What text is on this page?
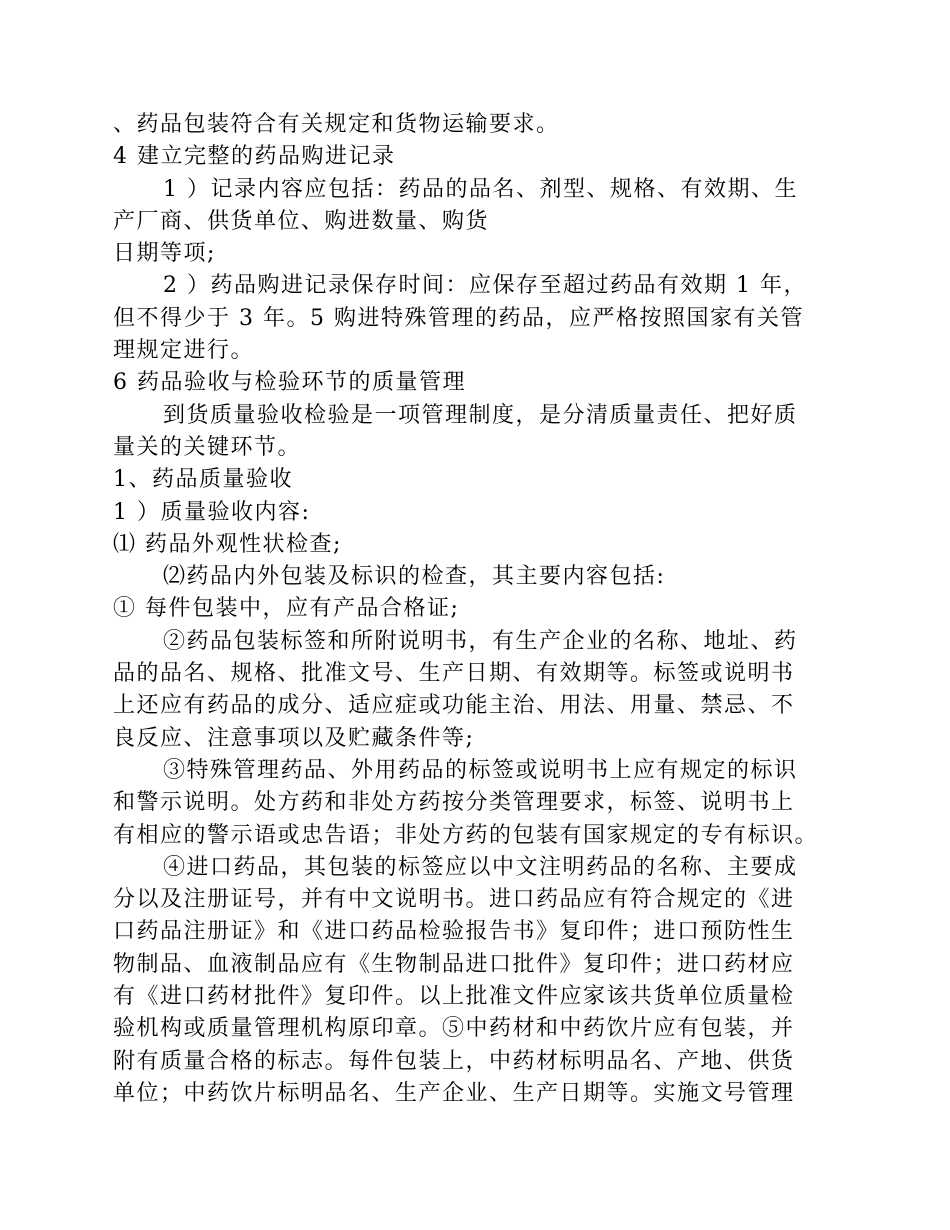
、药品包装符合有关规定和货物运输要求。
4 建立完整的药品购进记录
1 ）记录内容应包括：药品的品名、剂型、规格、有效期、生
产厂商、供货单位、购进数量、购货
日期等项;
2 ）药品购进记录保存时间：应保存至超过药品有效期 1 年，
但不得少于 3 年。5 购进特殊管理的药品，应严格按照国家有关管
理规定进行。
6 药品验收与检验环节的质量管理
到货质量验收检验是一项管理制度，是分清质量责任、把好质
量关的关键环节。
1、药品质量验收
1 ）质量验收内容:
⑴ 药品外观性状检查;
⑵药品内外包装及标识的检查，其主要内容包括:
① 每件包装中，应有产品合格证;
②药品包装标签和所附说明书，有生产企业的名称、地址、药
品的品名、规格、批准文号、生产日期、有效期等。标签或说明书
上还应有药品的成分、适应症或功能主治、用法、用量、禁忌、不
良反应、注意事项以及贮藏条件等;
③特殊管理药品、外用药品的标签或说明书上应有规定的标识
和警示说明。处方药和非处方药按分类管理要求，标签、说明书上
有相应的警示语或忠告语；非处方药的包装有国家规定的专有标识。
④进口药品，其包装的标签应以中文注明药品的名称、主要成
分以及注册证号，并有中文说明书。进口药品应有符合规定的《进
口药品注册证》和《进口药品检验报告书》复印件；进口预防性生
物制品、血液制品应有《生物制品进口批件》复印件；进口药材应
有《进口药材批件》复印件。以上批准文件应家该共货单位质量检
验机构或质量管理机构原印章。⑤中药材和中药饮片应有包装，并
附有质量合格的标志。每件包装上，中药材标明品名、产地、供货
单位；中药饮片标明品名、生产企业、生产日期等。实施文号管理
